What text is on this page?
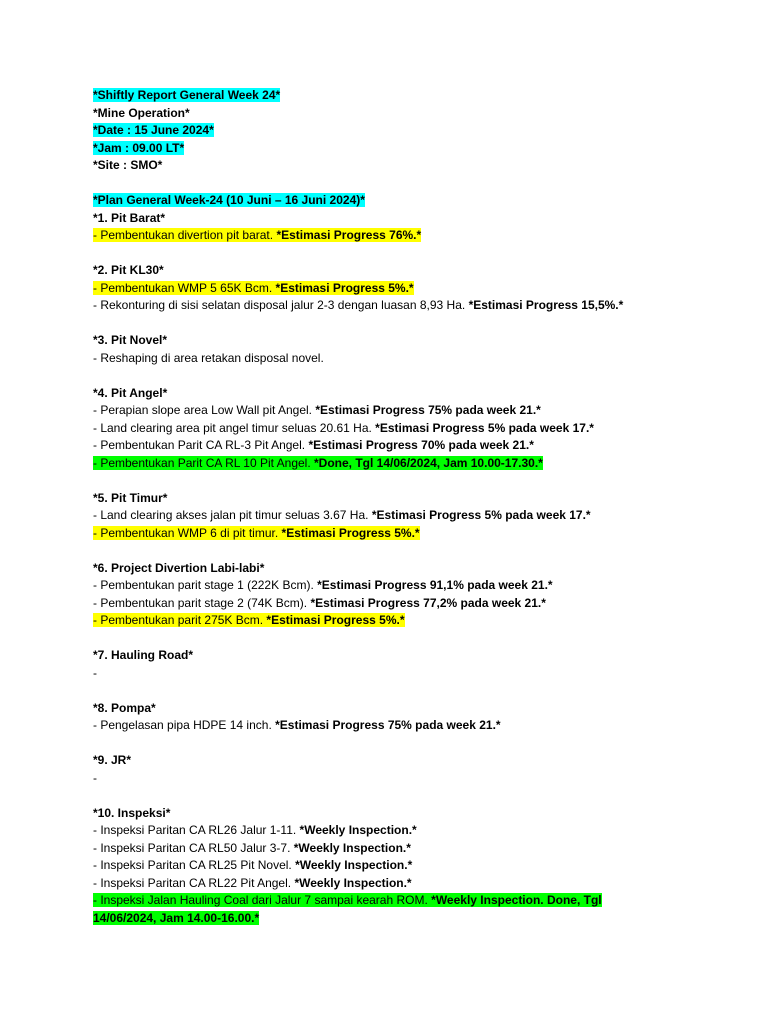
*Shiftly Report General Week 24*
*Mine Operation*
*Date : 15 June 2024*
*Jam : 09.00 LT*
*Site : SMO*
*Plan General Week-24 (10 Juni – 16 Juni 2024)*
*1. Pit Barat*
- Pembentukan divertion pit barat. *Estimasi Progress 76%.*
*2. Pit KL30*
- Pembentukan WMP 5 65K Bcm. *Estimasi Progress 5%.*
- Rekonturing di sisi selatan disposal jalur 2-3 dengan luasan 8,93 Ha. *Estimasi Progress 15,5%.*
*3. Pit Novel*
- Reshaping di area retakan disposal novel.
*4. Pit Angel*
- Perapian slope area Low Wall pit Angel. *Estimasi Progress 75% pada week 21.*
- Land clearing area pit angel timur seluas 20.61 Ha. *Estimasi Progress 5% pada week 17.*
- Pembentukan Parit CA RL-3 Pit Angel. *Estimasi Progress 70% pada week 21.*
- Pembentukan Parit CA RL 10 Pit Angel. *Done, Tgl 14/06/2024, Jam 10.00-17.30.*
*5. Pit Timur*
- Land clearing akses jalan pit timur seluas 3.67 Ha. *Estimasi Progress 5% pada week 17.*
- Pembentukan WMP 6 di pit timur. *Estimasi Progress 5%.*
*6. Project Divertion Labi-labi*
- Pembentukan parit stage 1 (222K Bcm). *Estimasi Progress 91,1% pada week 21.*
- Pembentukan parit stage 2 (74K Bcm). *Estimasi Progress 77,2% pada week 21.*
- Pembentukan parit 275K Bcm. *Estimasi Progress 5%.*
*7. Hauling Road*
-
*8. Pompa*
- Pengelasan pipa HDPE 14 inch. *Estimasi Progress 75% pada week 21.*
*9. JR*
-
*10. Inspeksi*
- Inspeksi Paritan CA RL26 Jalur 1-11. *Weekly Inspection.*
- Inspeksi Paritan CA RL50 Jalur 3-7. *Weekly Inspection.*
- Inspeksi Paritan CA RL25 Pit Novel. *Weekly Inspection.*
- Inspeksi Paritan CA RL22 Pit Angel. *Weekly Inspection.*
- Inspeksi Jalan Hauling Coal dari Jalur 7 sampai kearah ROM. *Weekly Inspection. Done, Tgl 14/06/2024, Jam 14.00-16.00.*
